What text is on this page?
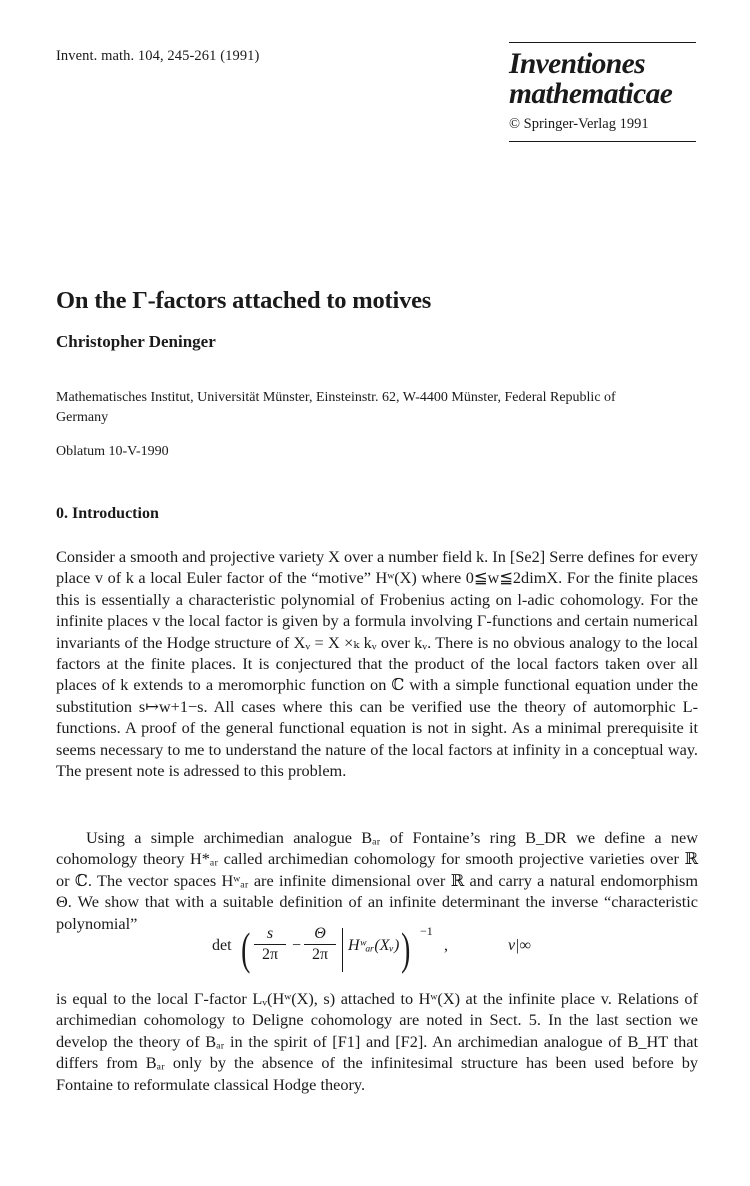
Invent. math. 104, 245-261 (1991)	Inventiones
mathematicae
© Springer-Verlag 1991
On the Γ-factors attached to motives
Christopher Deninger
Mathematisches Institut, Universität Münster, Einsteinstr. 62, W-4400 Münster, Federal Republic of Germany
Oblatum 10-V-1990
0. Introduction
Consider a smooth and projective variety X over a number field k. In [Se2] Serre defines for every place v of k a local Euler factor of the “motive” Hʷ(X) where 0≦w≦2dimX. For the finite places this is essentially a characteristic polynomial of Frobenius acting on l-adic cohomology. For the infinite places v the local factor is given by a formula involving Γ-functions and certain numerical invariants of the Hodge structure of Xᵥ = X ×ₖ kᵥ over kᵥ. There is no obvious analogy to the local factors at the finite places. It is conjectured that the product of the local factors taken over all places of k extends to a meromorphic function on ℂ with a simple functional equation under the substitution s↦w+1−s. All cases where this can be verified use the theory of automorphic L-functions. A proof of the general functional equation is not in sight. As a minimal prerequisite it seems necessary to me to understand the nature of the local factors at infinity in a conceptual way. The present note is adressed to this problem.
Using a simple archimedian analogue Bₐᵣ of Fontaine’s ring B_DR we define a new cohomology theory H*ₐᵣ called archimedian cohomology for smooth projective varieties over ℝ or ℂ. The vector spaces Hʷₐᵣ are infinite dimensional over ℝ and carry a natural endomorphism Θ. We show that with a suitable definition of an infinite determinant the inverse “characteristic polynomial”
det (	s
2π
−
Θ
2π
Hʷₐᵣ(Xᵥ) ) −1
,	v|∞
is equal to the local Γ-factor Lᵥ(Hʷ(X), s) attached to Hʷ(X) at the infinite place v. Relations of archimedian cohomology to Deligne cohomology are noted in Sect. 5. In the last section we develop the theory of Bₐᵣ in the spirit of [F1] and [F2]. An archimedian analogue of B_HT that differs from Bₐᵣ only by the absence of the infinitesimal structure has been used before by Fontaine to reformulate classical Hodge theory.
